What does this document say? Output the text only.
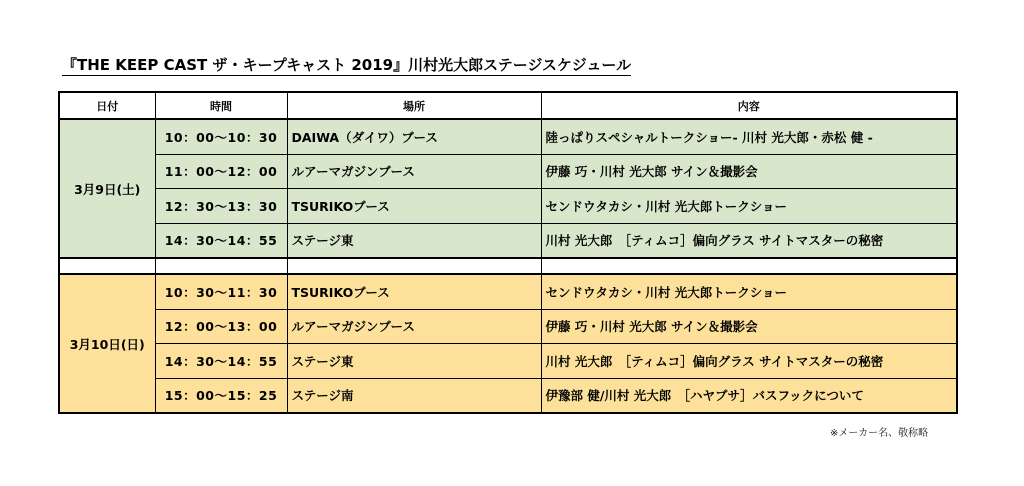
『THE KEEP CAST ザ・キープキャスト 2019』川村光大郎ステージスケジュール
日付	時間	場所	内容
3月9日(土)	10：00〜10：30	DAIWA（ダイワ）ブース	陸っぱりスペシャルトークショー- 川村 光大郎・赤松 健 -
	11：00〜12：00	ルアーマガジンブース	伊藤 巧・川村 光大郎 サイン＆撮影会
	12：30〜13：30	TSURIKOブース	センドウタカシ・川村 光大郎トークショー
	14：30〜14：55	ステージ東	川村 光大郎　［ティムコ］偏向グラス サイトマスターの秘密

3月10日(日)	10：30〜11：30	TSURIKOブース	センドウタカシ・川村 光大郎トークショー
	12：00〜13：00	ルアーマガジンブース	伊藤 巧・川村 光大郎 サイン＆撮影会
	14：30〜14：55	ステージ東	川村 光大郎　［ティムコ］偏向グラス サイトマスターの秘密
	15：00〜15：25	ステージ南	伊豫部 健/川村 光大郎　［ハヤブサ］バスフックについて
※メーカー名、敬称略
